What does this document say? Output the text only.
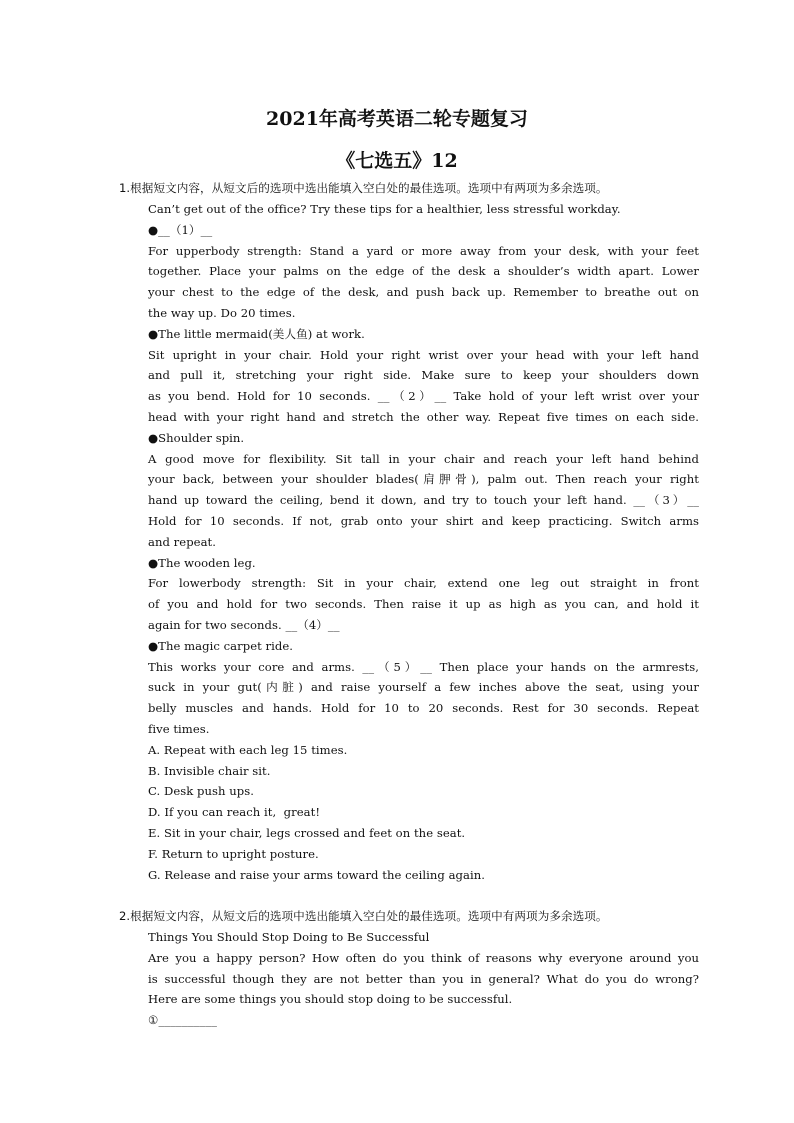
2021年高考英语二轮专题复习
《七选五》12
1.根据短文内容，从短文后的选项中选出能填入空白处的最佳选项。选项中有两项为多余选项。
Can’t get out of the office? Try these tips for a healthier, less stressful workday.
●__（1）__
For upperbody strength: Stand a yard or more away from your desk, with your feet
together. Place your palms on the edge of the desk a shoulder’s width apart. Lower
your chest to the edge of the desk, and push back up. Remember to breathe out on
the way up. Do 20 times.
●The little mermaid(美人鱼) at work.
Sit upright in your chair. Hold your right wrist over your head with your left hand
and pull it, stretching your right side. Make sure to keep your shoulders down
as you bend. Hold for 10 seconds. __（2）__ Take hold of your left wrist over your
head with your right hand and stretch the other way. Repeat five times on each side.
●Shoulder spin.
A good move for flexibility. Sit tall in your chair and reach your left hand behind
your back, between your shoulder blades(肩胛骨), palm out. Then reach your right
hand up toward the ceiling, bend it down, and try to touch your left hand. __（3）__
Hold for 10 seconds. If not, grab onto your shirt and keep practicing. Switch arms
and repeat.
●The wooden leg.
For lowerbody strength: Sit in your chair, extend one leg out straight in front
of you and hold for two seconds. Then raise it up as high as you can, and hold it
again for two seconds. __（4）__
●The magic carpet ride.
This works your core and arms. __（5）__ Then place your hands on the armrests,
suck in your gut(内脏) and raise yourself a few inches above the seat, using your
belly muscles and hands. Hold for 10 to 20 seconds. Rest for 30 seconds. Repeat
five times.
A. Repeat with each leg 15 times.
B. Invisible chair sit.
C. Desk push ups.
D. If you can reach it,  great!
E. Sit in your chair, legs crossed and feet on the seat.
F. Return to upright posture.
G. Release and raise your arms toward the ceiling again.
2.根据短文内容，从短文后的选项中选出能填入空白处的最佳选项。选项中有两项为多余选项。
Things You Should Stop Doing to Be Successful
Are you a happy person? How often do you think of reasons why everyone around you
is successful though they are not better than you in general? What do you do wrong?
Here are some things you should stop doing to be successful.
①__________
